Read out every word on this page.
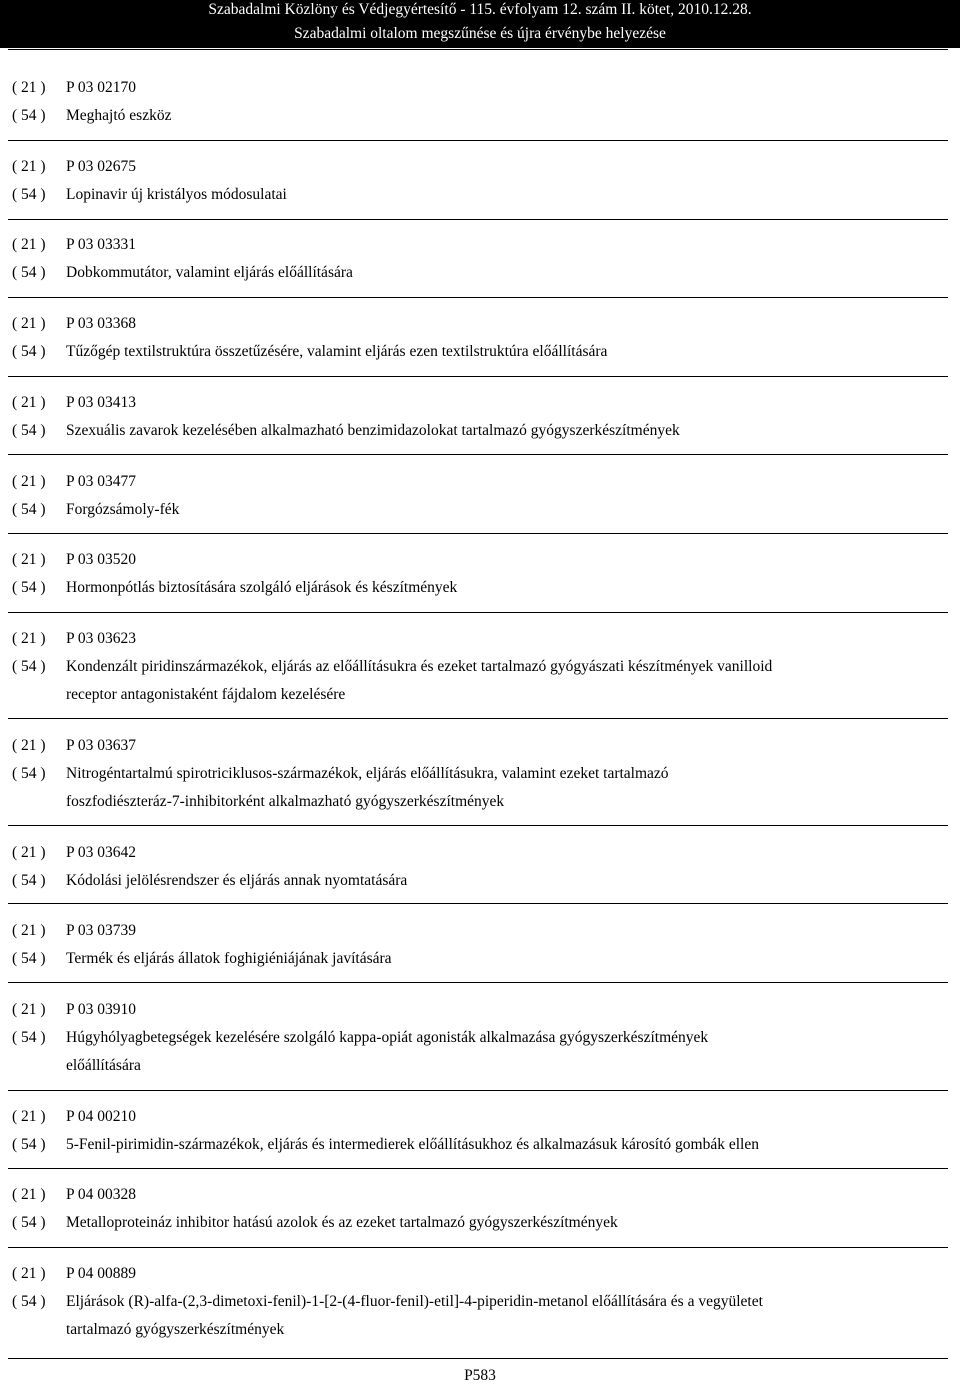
Szabadalmi Közlöny és Védjegyértesítő - 115. évfolyam 12. szám II. kötet, 2010.12.28.
Szabadalmi oltalom megszűnése és újra érvénybe helyezése
( 21 ) P 03 02170
( 54 ) Meghajtó eszköz
( 21 ) P 03 02675
( 54 ) Lopinavir új kristályos módosulatai
( 21 ) P 03 03331
( 54 ) Dobkommutátor, valamint eljárás előállítására
( 21 ) P 03 03368
( 54 ) Tűzőgép textilstruktúra összetűzésére, valamint eljárás ezen textilstruktúra előállítására
( 21 ) P 03 03413
( 54 ) Szexuális zavarok kezelésében alkalmazható benzimidazolokat tartalmazó gyógyszerkészítmények
( 21 ) P 03 03477
( 54 ) Forgózsámoly-fék
( 21 ) P 03 03520
( 54 ) Hormonpótlás biztosítására szolgáló eljárások és készítmények
( 21 ) P 03 03623
( 54 ) Kondenzált piridinszármazékok, eljárás az előállításukra és ezeket tartalmazó gyógyászati készítmények vanilloid
receptor antagonistaként fájdalom kezelésére
( 21 ) P 03 03637
( 54 ) Nitrogéntartalmú spirotriciklusos-származékok, eljárás előállításukra, valamint ezeket tartalmazó
foszfodiészteráz-7-inhibitorként alkalmazható gyógyszerkészítmények
( 21 ) P 03 03642
( 54 ) Kódolási jelölésrendszer és eljárás annak nyomtatására
( 21 ) P 03 03739
( 54 ) Termék és eljárás állatok foghigiéniájának javítására
( 21 ) P 03 03910
( 54 ) Húgyhólyagbetegségek kezelésére szolgáló kappa-opiát agonisták alkalmazása gyógyszerkészítmények
előállítására
( 21 ) P 04 00210
( 54 ) 5-Fenil-pirimidin-származékok, eljárás és intermedierek előállításukhoz és alkalmazásuk károsító gombák ellen
( 21 ) P 04 00328
( 54 ) Metalloproteináz inhibitor hatású azolok és az ezeket tartalmazó gyógyszerkészítmények
( 21 ) P 04 00889
( 54 ) Eljárások (R)-alfa-(2,3-dimetoxi-fenil)-1-[2-(4-fluor-fenil)-etil]-4-piperidin-metanol előállítására és a vegyületet
tartalmazó gyógyszerkészítmények
P583
